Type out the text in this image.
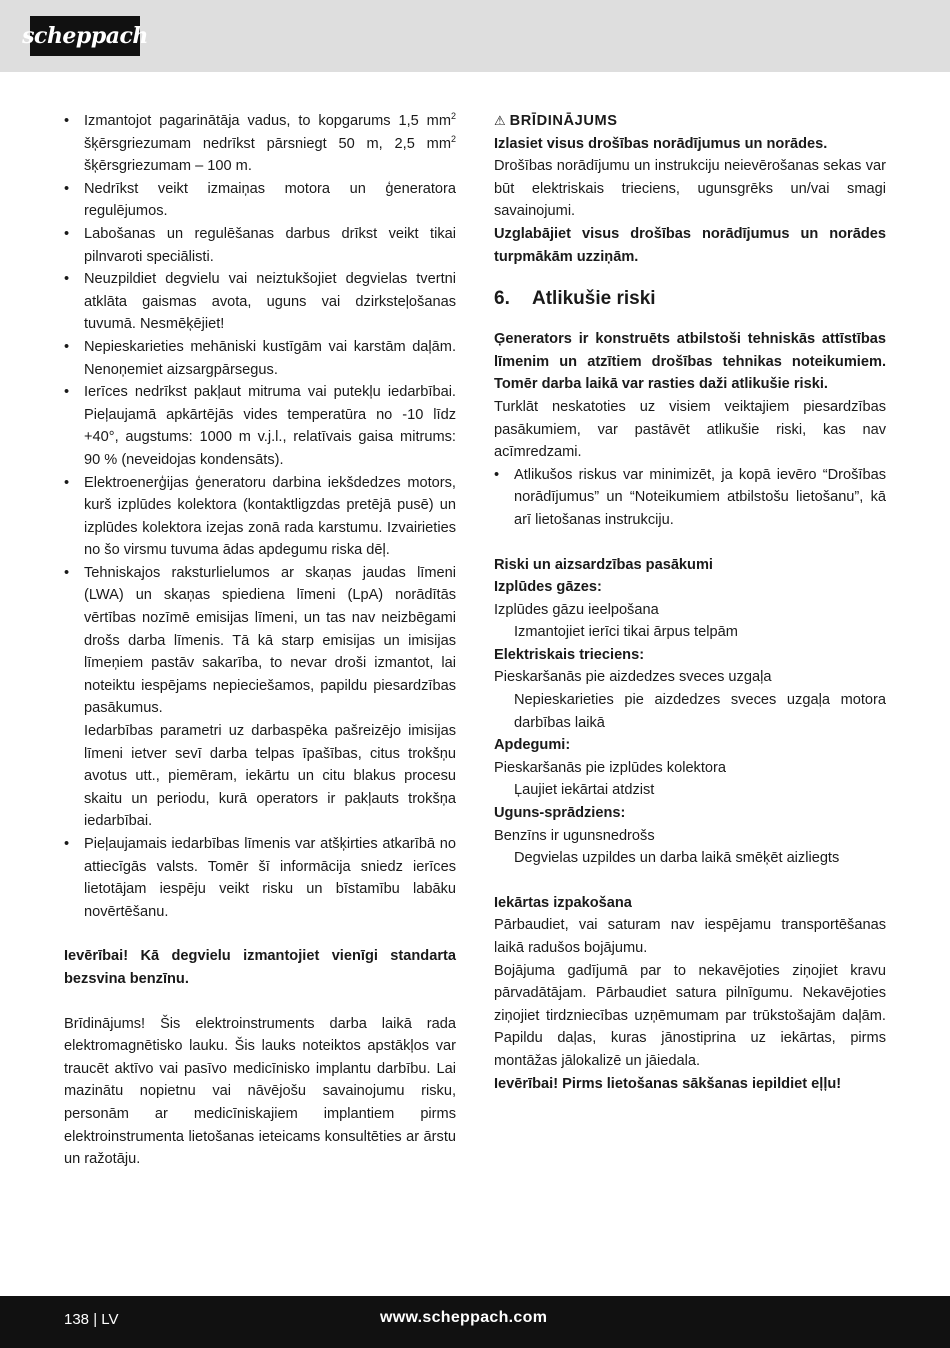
scheppach
• Izmantojot pagarinātāja vadus, to kopgarums 1,5 $mm^2$ šķērsgriezumam nedrīkst pārsniegt 50 m, 2,5 $mm^2$ šķērsgriezumam – 100 m.
• Nedrīkst veikt izmaiņas motora un ģeneratora regulējumos.
• Labošanas un regulēšanas darbus drīkst veikt tikai pilnvaroti speciālisti.
• Neuzpildiet degvielu vai neiztukšojiet degvielas tvertni atklāta gaismas avota, uguns vai dzirksteļošanas tuvumā. Nesmēķējiet!
• Nepieskarieties mehāniski kustīgām vai karstām daļām. Nenoņemiet aizsargpārsegus.
• Ierīces nedrīkst pakļaut mitruma vai putekļu iedarbībai. Pieļaujamā apkārtējās vides temperatūra no -10 līdz +40°, augstums: 1000 m v.j.l., relatīvais gaisa mitrums: 90 % (neveidojas kondensāts).
• Elektroenerģijas ģeneratoru darbina iekšdedzes motors, kurš izplūdes kolektora (kontaktligzdas pretējā pusē) un izplūdes kolektora izejas zonā rada karstumu. Izvairieties no šo virsmu tuvuma ādas apdegumu riska dēļ.
• Tehniskajos raksturlielumos ar skaņas jaudas līmeni (LWA) un skaņas spiediena līmeni (LpA) norādītās vērtības nozīmē emisijas līmeni, un tas nav neizbēgami drošs darba līmenis. Tā kā starp emisijas un imisijas līmeņiem pastāv sakarība, to nevar droši izmantot, lai noteiktu iespējams nepieciešamos, papildu piesardzības pasākumus.
Iedarbības parametri uz darbaspēka pašreizējo imisijas līmeni ietver sevī darba telpas īpašības, citus trokšņu avotus utt., piemēram, iekārtu un citu blakus procesu skaitu un periodu, kurā operators ir pakļauts trokšņa iedarbībai.
• Pieļaujamais iedarbības līmenis var atšķirties atkarībā no attiecīgās valsts. Tomēr šī informācija sniedz ierīces lietotājam iespēju veikt risku un bīstamību labāku novērtēšanu.

Ievērībai! Kā degvielu izmantojiet vienīgi standarta bezsvina benzīnu.

Brīdinājums! Šis elektroinstruments darba laikā rada elektromagnētisko lauku. Šis lauks noteiktos apstākļos var traucēt aktīvo vai pasīvo medicīnisko implantu darbību. Lai mazinātu nopietnu vai nāvējošu savainojumu risku, personām ar medicīniskajiem implantiem pirms elektroinstrumenta lietošanas ieteicams konsultēties ar ārstu un ražotāju.

⚠ BRĪDINĀJUMS

Izlasiet visus drošības norādījumus un norādes.

Drošības norādījumu un instrukciju neievērošanas sekas var būt elektriskais trieciens, ugunsgrēks un/vai smagi savainojumi.

Uzglabājiet visus drošības norādījumus un norādes turpmākām uzziņām.

6. Atlikušie riski

Ģenerators ir konstruēts atbilstoši tehniskās attīstības līmenim un atzītiem drošības tehnikas noteikumiem. Tomēr darba laikā var rasties daži atlikušie riski.

Turklāt neskatoties uz visiem veiktajiem piesardzības pasākumiem, var pastāvēt atlikušie riski, kas nav acīmredzami.

• Atlikušos riskus var minimizēt, ja kopā ievēro “Drošības norādījumus” un “Noteikumiem atbilstošu lietošanu”, kā arī lietošanas instrukciju.

Riski un aizsardzības pasākumi

Izplūdes gāzes:

Izplūdes gāzu ieelpošana

Izmantojiet ierīci tikai ārpus telpām

Elektriskais trieciens:

Pieskaršanās pie aizdedzes sveces uzgaļa

Nepieskarieties pie aizdedzes sveces uzgaļa motora darbības laikā

Apdegumi:

Pieskaršanās pie izplūdes kolektora

Ļaujiet iekārtai atdzist

Uguns-sprādziens:

Benzīns ir ugunsnedrošs

Degvielas uzpildes un darba laikā smēķēt aizliegts

Iekārtas izpakošana

Pārbaudiet, vai saturam nav iespējamu transportēšanas laikā radušos bojājumu.

Bojājuma gadījumā par to nekavējoties ziņojiet kravu pārvadātājam. Pārbaudiet satura pilnīgumu. Nekavējoties ziņojiet tirdzniecības uzņēmumam par trūkstošajām daļām. Papildu daļas, kuras jānostiprina uz iekārtas, pirms montāžas jālokalizē un jāiedala.

Ievērībai! Pirms lietošanas sākšanas iepildiet eļļu!

138 | LV	www.scheppach.com
